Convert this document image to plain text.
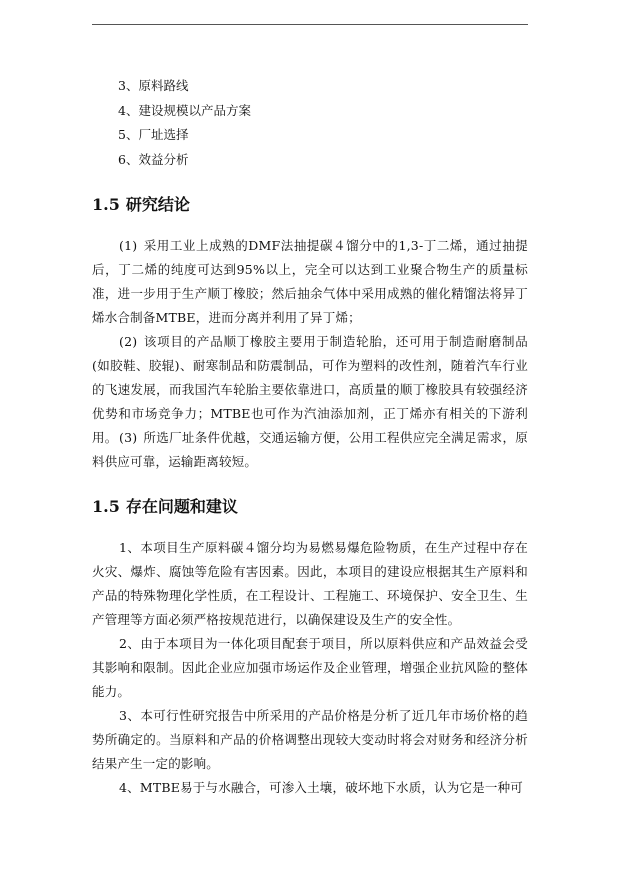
3、原料路线
4、建设规模以产品方案
5、厂址选择
6、效益分析
1.5 研究结论

(1) 采用工业上成熟的DMF法抽提碳４馏分中的1,3-丁二烯，通过抽提后，丁二烯的纯度可达到95%以上，完全可以达到工业聚合物生产的质量标准，进一步用于生产顺丁橡胶；然后抽余气体中采用成熟的催化精馏法将异丁烯水合制备MTBE，进而分离并利用了异丁烯；

(2) 该项目的产品顺丁橡胶主要用于制造轮胎，还可用于制造耐磨制品(如胶鞋、胶辊)、耐寒制品和防震制品，可作为塑料的改性剂，随着汽车行业的飞速发展，而我国汽车轮胎主要依靠进口，高质量的顺丁橡胶具有较强经济优势和市场竞争力；MTBE也可作为汽油添加剂，正丁烯亦有相关的下游利用。 (3) 所选厂址条件优越，交通运输方便，公用工程供应完全满足需求，原料供应可靠，运输距离较短。

1.5 存在问题和建议

1、本项目生产原料碳４馏分均为易燃易爆危险物质，在生产过程中存在火灾、爆炸、腐蚀等危险有害因素。因此，本项目的建设应根据其生产原料和产品的特殊物理化学性质，在工程设计、工程施工、环境保护、安全卫生、生产管理等方面必须严格按规范进行，以确保建设及生产的安全性。

2、由于本项目为一体化项目配套于项目，所以原料供应和产品效益会受其影响和限制。因此企业应加强市场运作及企业管理，增强企业抗风险的整体能力。

3、本可行性研究报告中所采用的产品价格是分析了近几年市场价格的趋势所确定的。当原料和产品的价格调整出现较大变动时将会对财务和经济分析结果产生一定的影响。

4、MTBE易于与水融合，可渗入土壤，破坏地下水质，认为它是一种可
